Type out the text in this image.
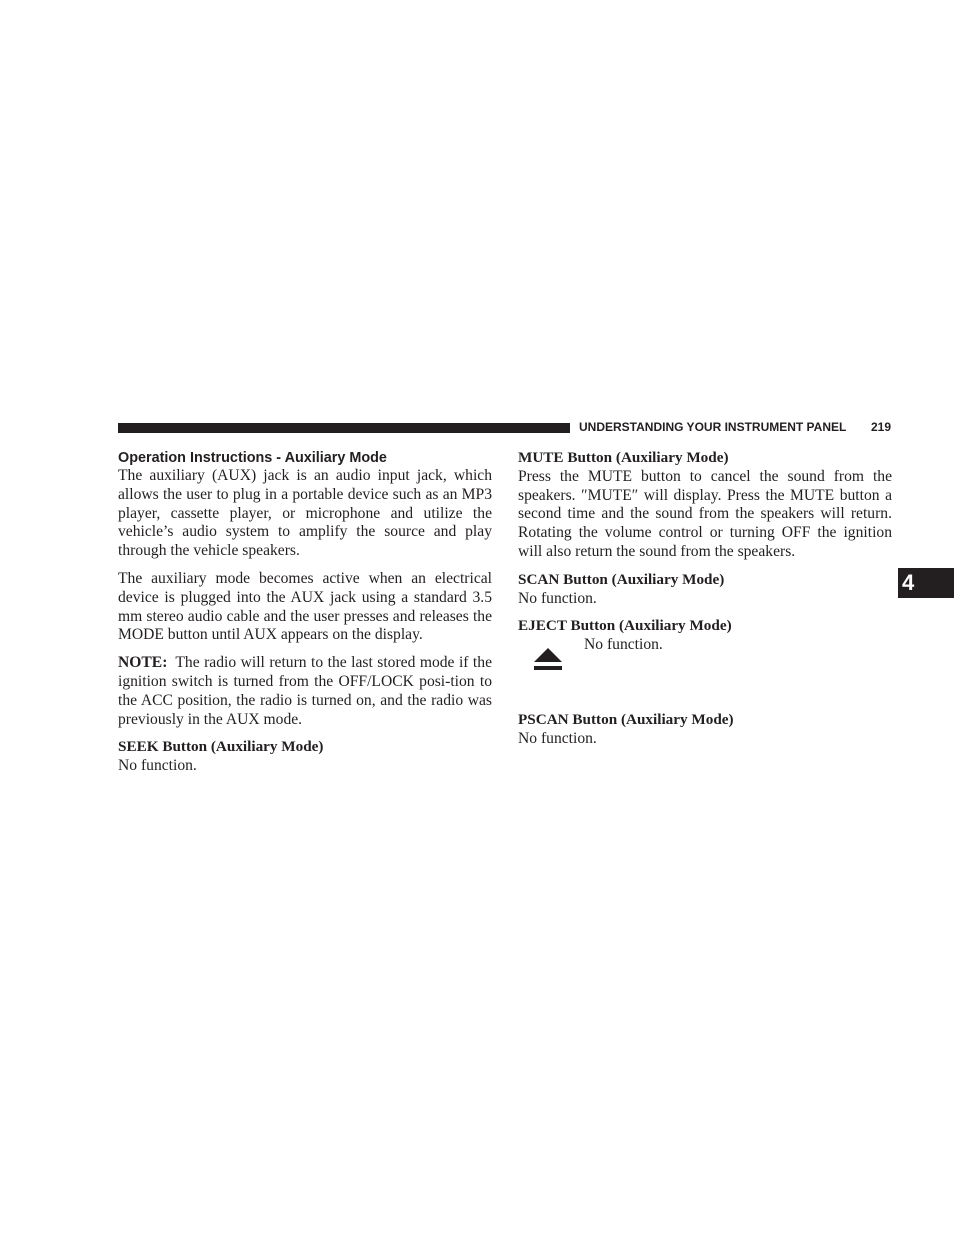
UNDERSTANDING YOUR INSTRUMENT PANEL 219
Operation Instructions - Auxiliary Mode

The auxiliary (AUX) jack is an audio input jack, which allows the user to plug in a portable device such as an MP3 player, cassette player, or microphone and utilize the vehicle’s audio system to amplify the source and play through the vehicle speakers.

The auxiliary mode becomes active when an electrical device is plugged into the AUX jack using a standard 3.5 mm stereo audio cable and the user presses and releases the MODE button until AUX appears on the display.

NOTE: The radio will return to the last stored mode if the ignition switch is turned from the OFF/LOCK posi-tion to the ACC position, the radio is turned on, and the radio was previously in the AUX mode.

SEEK Button (Auxiliary Mode)

No function.

MUTE Button (Auxiliary Mode)

Press the MUTE button to cancel the sound from the speakers. ″MUTE″ will display. Press the MUTE button a second time and the sound from the speakers will return. Rotating the volume control or turning OFF the ignition will also return the sound from the speakers.

SCAN Button (Auxiliary Mode)

No function.

EJECT Button (Auxiliary Mode)

No function.

PSCAN Button (Auxiliary Mode)

No function.

4
